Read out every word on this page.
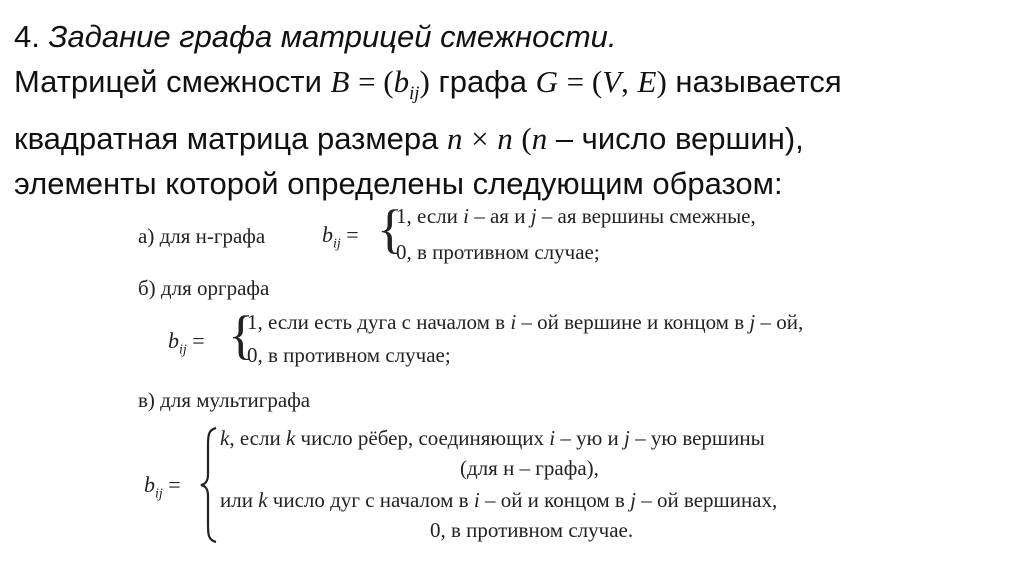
4. Задание графа матрицей смежности.
Матрицей смежности $B = (b_{ij})$ графа G = (V, E) называется
квадратная матрица размера n × n (n – число вершин),
элементы которой определены следующим образом:
а) для н-графа	$b_{ij}$ = {
1, если i – ая и j – ая вершины смежные,
0, в противном случае;
б) для орграфа
$b_{ij}$ = {
1, если есть дуга с началом в i – ой вершине и концом в j – ой,
0, в противном случае;
в) для мультиграфа
$b_{ij}$ =
k, если k число рёбер, соединяющих i – ую и j – ую вершины
(для н – графа),
или k число дуг с началом в i – ой и концом в j – ой вершинах,
0, в противном случае.
